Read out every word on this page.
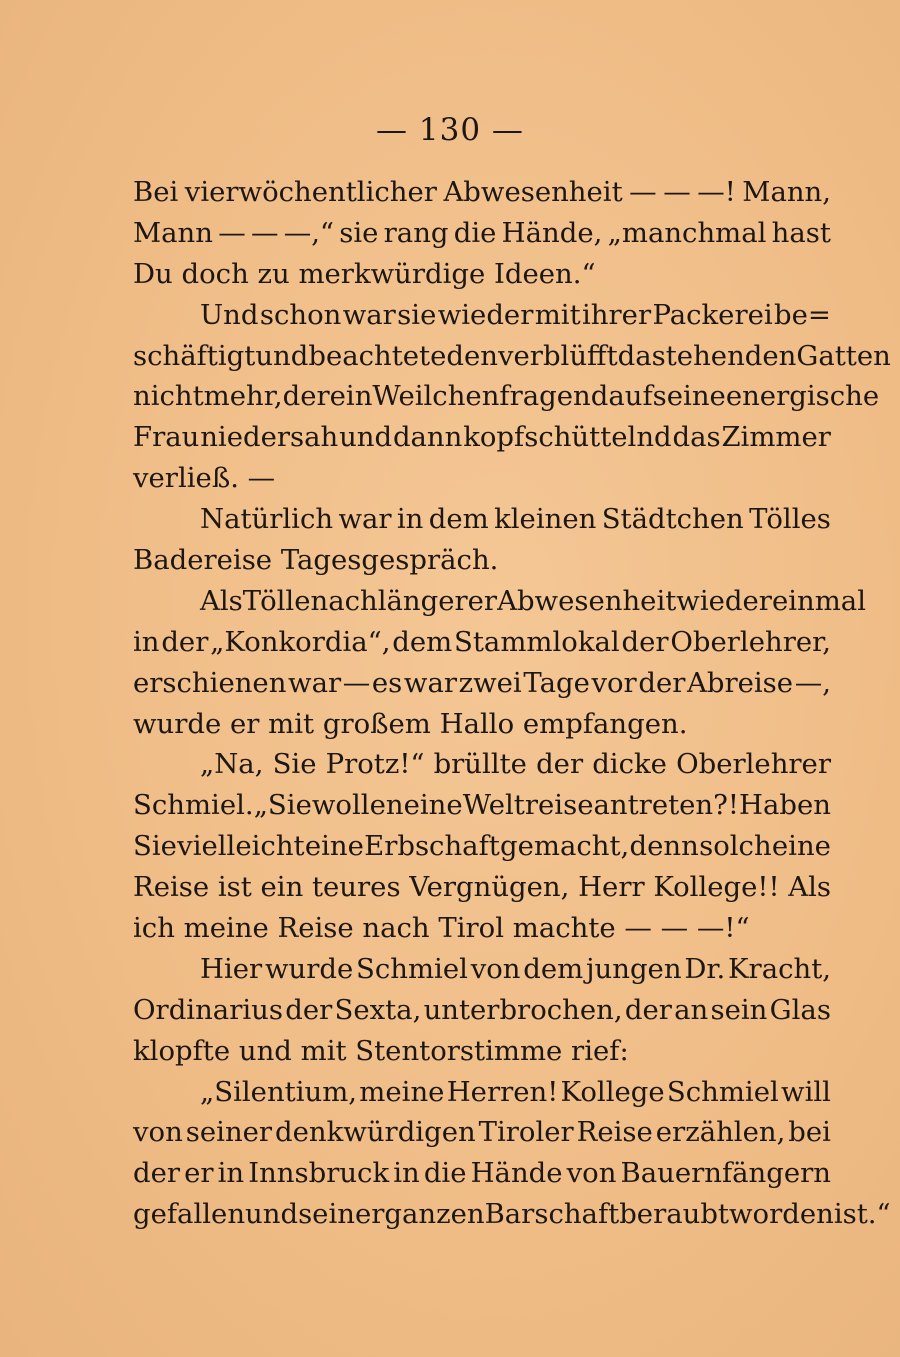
— 130 —
Bei vierwöchentlicher Abwesenheit — — —! Mann,
Mann — — —,“ sie rang die Hände, „manchmal hast
Du doch zu merkwürdige Ideen.“
Und schon war sie wieder mit ihrer Packerei be=
schäftigt und beachtete den verblüfft dastehenden Gatten
nicht mehr, der ein Weilchen fragend auf seine energische
Frau niedersah und dann kopfschüttelnd das Zimmer
verließ. —
Natürlich war in dem kleinen Städtchen Tölles
Badereise Tagesgespräch.
Als Tölle nach längerer Abwesenheit wieder einmal
in der „Konkordia“, dem Stammlokal der Oberlehrer,
erschienen war — es war zwei Tage vor der Abreise —,
wurde er mit großem Hallo empfangen.
„Na, Sie Protz!“ brüllte der dicke Oberlehrer
Schmiel. „Sie wollen eine Weltreise antreten?! Haben
Sie vielleicht eine Erbschaft gemacht, denn solch eine
Reise ist ein teures Vergnügen, Herr Kollege!! Als
ich meine Reise nach Tirol machte — — —!“
Hier wurde Schmiel von dem jungen Dr. Kracht,
Ordinarius der Sexta, unterbrochen, der an sein Glas
klopfte und mit Stentorstimme rief:
„Silentium, meine Herren! Kollege Schmiel will
von seiner denkwürdigen Tiroler Reise erzählen, bei
der er in Innsbruck in die Hände von Bauernfängern
gefallen und seiner ganzen Barschaft beraubt worden ist.“
